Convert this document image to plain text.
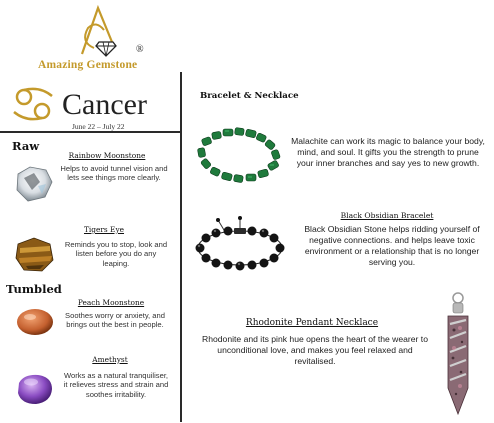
®
Amazing Gemstone
Cancer
June 22 – July 22
Raw
Rainbow Moonstone
Helps to avoid tunnel vision and lets see things more clearly.
Tigers Eye
Reminds you to stop, look and listen before you do any leaping.
Tumbled
Peach Moonstone
Soothes worry or anxiety, and brings out the best in people.
Amethyst
Works as a natural tranquiliser, it relieves stress and strain and soothes irritability.
Bracelet & Necklace
Malachite can work its magic to balance your body, mind, and soul. It gifts you the strength to prune your inner branches and say yes to new growth.
Black Obsidian Bracelet
Black Obsidian Stone helps ridding yourself of negative connections. and helps leave toxic environment or a relationship that is no longer serving you.
Rhodonite Pendant Necklace
Rhodonite and its pink hue opens the heart of the wearer to unconditional love, and makes you feel relaxed and revitalised.
